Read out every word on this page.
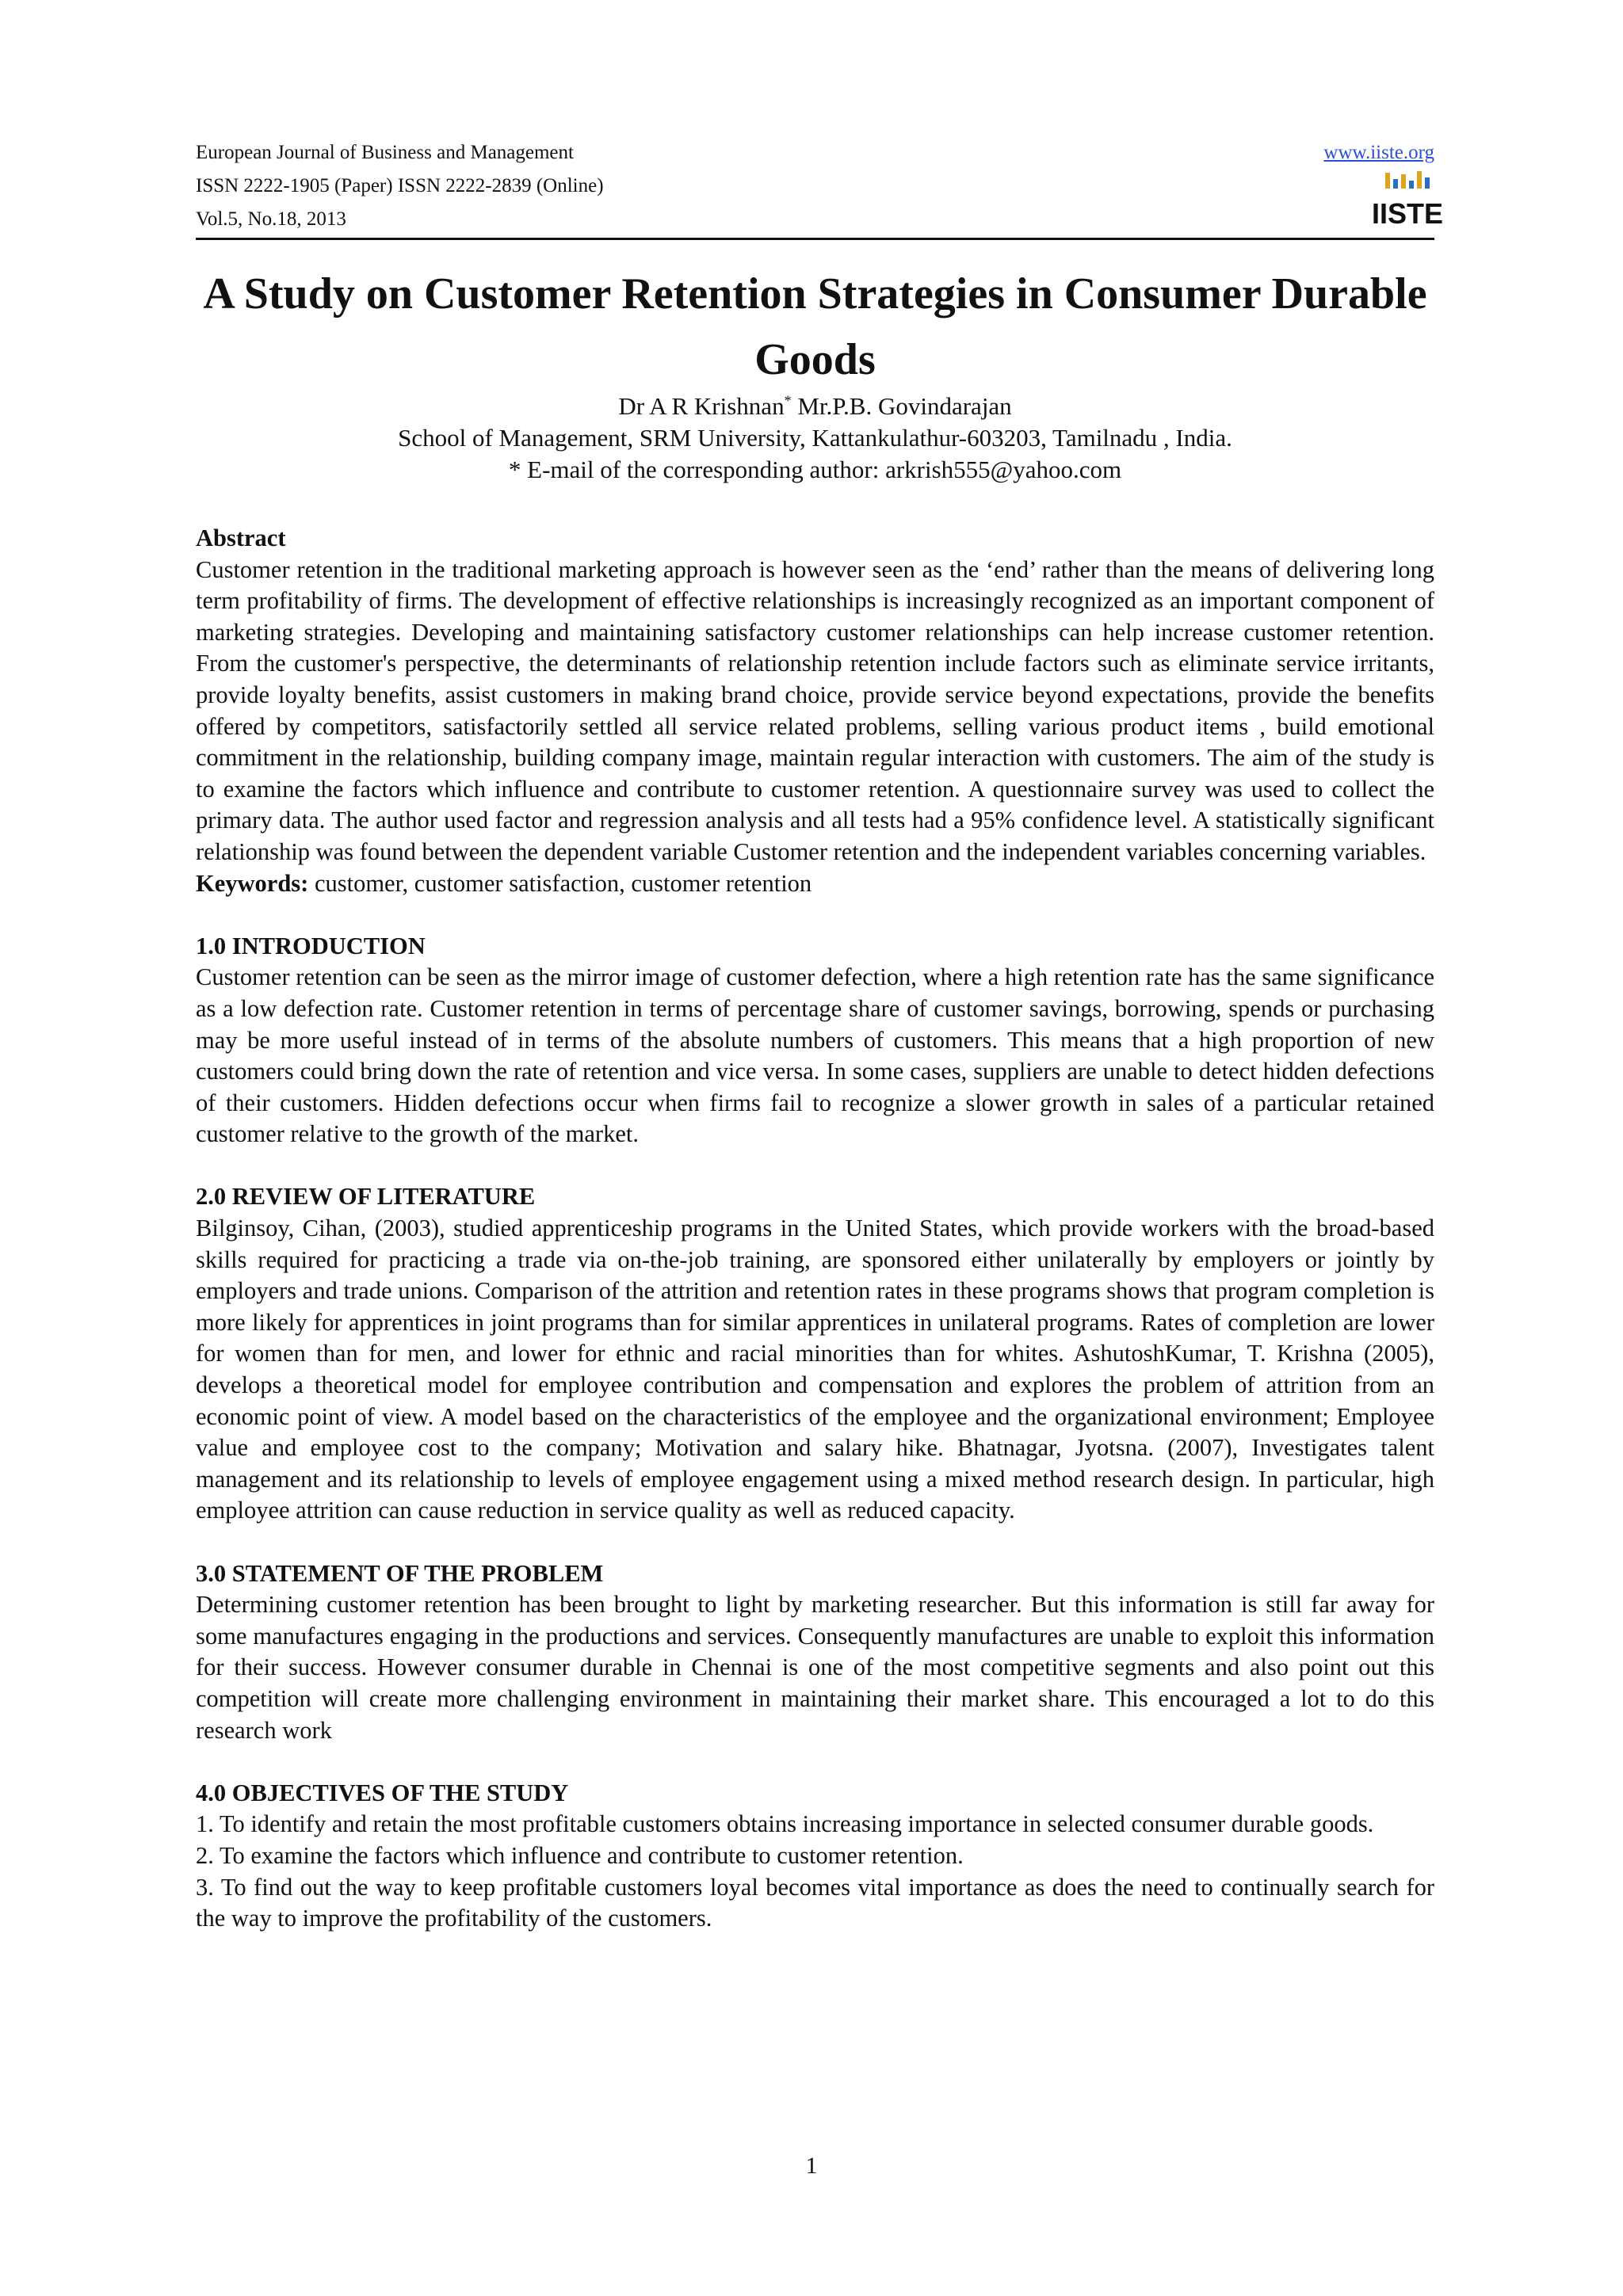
European Journal of Business and Management
ISSN 2222-1905 (Paper) ISSN 2222-2839 (Online)
Vol.5, No.18, 2013
www.iiste.org
IISTE
A Study on Customer Retention Strategies in Consumer Durable Goods
Dr A R Krishnan* Mr.P.B. Govindarajan
School of Management, SRM University, Kattankulathur-603203, Tamilnadu , India.
* E-mail of the corresponding author: arkrish555@yahoo.com
Abstract

Customer retention in the traditional marketing approach is however seen as the ‘end’ rather than the means of delivering long term profitability of firms. The development of effective relationships is increasingly recognized as an important component of marketing strategies. Developing and maintaining satisfactory customer relationships can help increase customer retention. From the customer's perspective, the determinants of relationship retention include factors such as eliminate service irritants, provide loyalty benefits, assist customers in making brand choice, provide service beyond expectations, provide the benefits offered by competitors, satisfactorily settled all service related problems, selling various product items , build emotional commitment in the relationship, building company image, maintain regular interaction with customers. The aim of the study is to examine the factors which influence and contribute to customer retention. A questionnaire survey was used to collect the primary data. The author used factor and regression analysis and all tests had a 95% confidence level. A statistically significant relationship was found between the dependent variable Customer retention and the independent variables concerning variables.

Keywords: customer, customer satisfaction, customer retention

1.0 INTRODUCTION

Customer retention can be seen as the mirror image of customer defection, where a high retention rate has the same significance as a low defection rate. Customer retention in terms of percentage share of customer savings, borrowing, spends or purchasing may be more useful instead of in terms of the absolute numbers of customers. This means that a high proportion of new customers could bring down the rate of retention and vice versa. In some cases, suppliers are unable to detect hidden defections of their customers. Hidden defections occur when firms fail to recognize a slower growth in sales of a particular retained customer relative to the growth of the market.

2.0 REVIEW OF LITERATURE

Bilginsoy, Cihan, (2003), studied apprenticeship programs in the United States, which provide workers with the broad-based skills required for practicing a trade via on-the-job training, are sponsored either unilaterally by employers or jointly by employers and trade unions. Comparison of the attrition and retention rates in these programs shows that program completion is more likely for apprentices in joint programs than for similar apprentices in unilateral programs. Rates of completion are lower for women than for men, and lower for ethnic and racial minorities than for whites. AshutoshKumar, T. Krishna (2005), develops a theoretical model for employee contribution and compensation and explores the problem of attrition from an economic point of view. A model based on the characteristics of the employee and the organizational environment; Employee value and employee cost to the company; Motivation and salary hike. Bhatnagar, Jyotsna. (2007), Investigates talent management and its relationship to levels of employee engagement using a mixed method research design. In particular, high employee attrition can cause reduction in service quality as well as reduced capacity.

3.0 STATEMENT OF THE PROBLEM

Determining customer retention has been brought to light by marketing researcher. But this information is still far away for some manufactures engaging in the productions and services. Consequently manufactures are unable to exploit this information for their success. However consumer durable in Chennai is one of the most competitive segments and also point out this competition will create more challenging environment in maintaining their market share. This encouraged a lot to do this research work

4.0 OBJECTIVES OF THE STUDY

1. To identify and retain the most profitable customers obtains increasing importance in selected consumer durable goods.

2. To examine the factors which influence and contribute to customer retention.

3. To find out the way to keep profitable customers loyal becomes vital importance as does the need to continually search for the way to improve the profitability of the customers.

1
